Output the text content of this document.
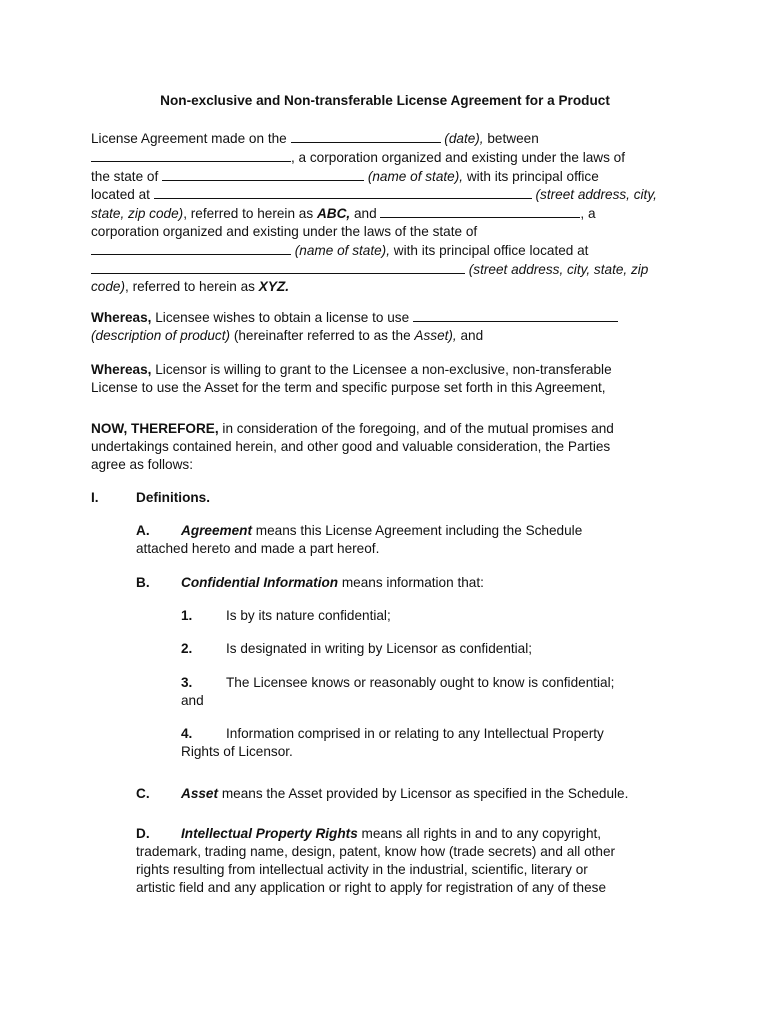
Non-exclusive and Non-transferable License Agreement for a Product
License Agreement made on the	(date), between
, a corporation organized and existing under the laws of
the state of	(name of state), with its principal office
located at	(street address, city,
state, zip code), referred to herein as ABC, and	, a
corporation organized and existing under the laws of the state of
(name of state), with its principal office located at
(street address, city, state, zip
code), referred to herein as XYZ.
Whereas, Licensee wishes to obtain a license to use
(description of product) (hereinafter referred to as the Asset), and
Whereas, Licensor is willing to grant to the Licensee a non-exclusive, non-transferable
License to use the Asset for the term and specific purpose set forth in this Agreement,
NOW, THEREFORE, in consideration of the foregoing, and of the mutual promises and
undertakings contained herein, and other good and valuable consideration, the Parties
agree as follows:
I.	Definitions.
A. Agreement means this License Agreement including the Schedule
attached hereto and made a part hereof.
B. Confidential Information means information that:
1. Is by its nature confidential;
2. Is designated in writing by Licensor as confidential;
3. The Licensee knows or reasonably ought to know is confidential;
and
4. Information comprised in or relating to any Intellectual Property
Rights of Licensor.
C. Asset means the Asset provided by Licensor as specified in the Schedule.
D. Intellectual Property Rights means all rights in and to any copyright,
trademark, trading name, design, patent, know how (trade secrets) and all other
rights resulting from intellectual activity in the industrial, scientific, literary or
artistic field and any application or right to apply for registration of any of these
